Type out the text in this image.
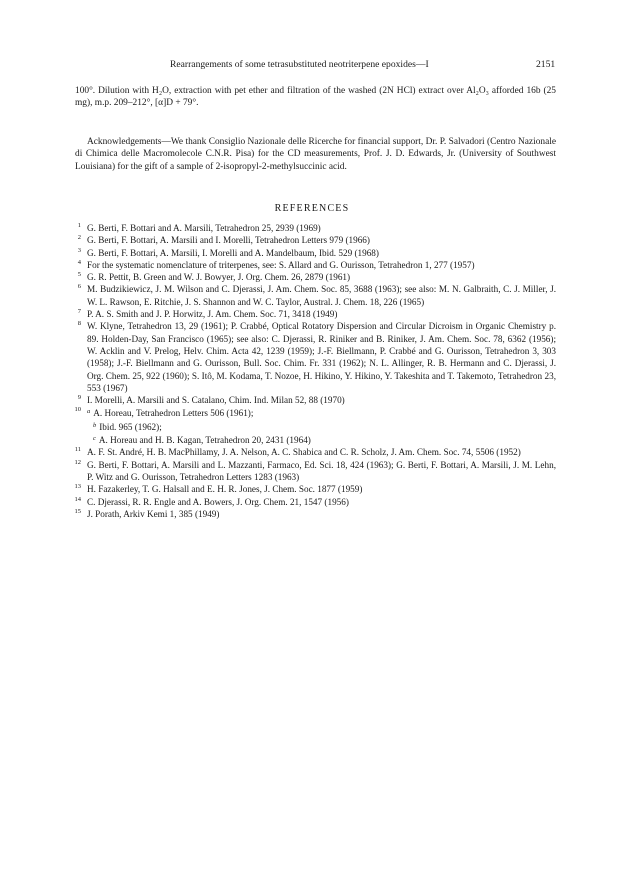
Rearrangements of some tetrasubstituted neotriterpene epoxides—I	2151
100°. Dilution with H₂O, extraction with pet ether and filtration of the washed (2N HCl) extract over Al₂O₃ afforded 16b (25 mg), m.p. 209–212°, [α]D + 79°.
Acknowledgements—We thank Consiglio Nazionale delle Ricerche for financial support, Dr. P. Salvadori (Centro Nazionale di Chimica delle Macromolecole C.N.R. Pisa) for the CD measurements, Prof. J. D. Edwards, Jr. (University of Southwest Louisiana) for the gift of a sample of 2-isopropyl-2-methylsuccinic acid.
REFERENCES
1 G. Berti, F. Bottari and A. Marsili, Tetrahedron 25, 2939 (1969)
2 G. Berti, F. Bottari, A. Marsili and I. Morelli, Tetrahedron Letters 979 (1966)
3 G. Berti, F. Bottari, A. Marsili, I. Morelli and A. Mandelbaum, Ibid. 529 (1968)
4 For the systematic nomenclature of triterpenes, see: S. Allard and G. Ourisson, Tetrahedron 1, 277 (1957)
5 G. R. Pettit, B. Green and W. J. Bowyer, J. Org. Chem. 26, 2879 (1961)
6 M. Budzikiewicz, J. M. Wilson and C. Djerassi, J. Am. Chem. Soc. 85, 3688 (1963); see also: M. N. Galbraith, C. J. Miller, J. W. L. Rawson, E. Ritchie, J. S. Shannon and W. C. Taylor, Austral. J. Chem. 18, 226 (1965)
7 P. A. S. Smith and J. P. Horwitz, J. Am. Chem. Soc. 71, 3418 (1949)
8 W. Klyne, Tetrahedron 13, 29 (1961); P. Crabbé, Optical Rotatory Dispersion and Circular Dicroism in Organic Chemistry p. 89. Holden-Day, San Francisco (1965); see also: C. Djerassi, R. Riniker and B. Riniker, J. Am. Chem. Soc. 78, 6362 (1956); W. Acklin and V. Prelog, Helv. Chim. Acta 42, 1239 (1959); J.-F. Biellmann, P. Crabbé and G. Ourisson, Tetrahedron 3, 303 (1958); J.-F. Biellmann and G. Ourisson, Bull. Soc. Chim. Fr. 331 (1962); N. L. Allinger, R. B. Hermann and C. Djerassi, J. Org. Chem. 25, 922 (1960); S. Itô, M. Kodama, T. Nozoe, H. Hikino, Y. Hikino, Y. Takeshita and T. Takemoto, Tetrahedron 23, 553 (1967)
9 I. Morelli, A. Marsili and S. Catalano, Chim. Ind. Milan 52, 88 (1970)
10 $^a$ A. Horeau, Tetrahedron Letters 506 (1961);
$^b$ Ibid. 965 (1962);
$^c$ A. Horeau and H. B. Kagan, Tetrahedron 20, 2431 (1964)
11 A. F. St. André, H. B. MacPhillamy, J. A. Nelson, A. C. Shabica and C. R. Scholz, J. Am. Chem. Soc. 74, 5506 (1952)
12 G. Berti, F. Bottari, A. Marsili and L. Mazzanti, Farmaco, Ed. Sci. 18, 424 (1963); G. Berti, F. Bottari, A. Marsili, J. M. Lehn, P. Witz and G. Ourisson, Tetrahedron Letters 1283 (1963)
13 H. Fazakerley, T. G. Halsall and E. H. R. Jones, J. Chem. Soc. 1877 (1959)
14 C. Djerassi, R. R. Engle and A. Bowers, J. Org. Chem. 21, 1547 (1956)
15 J. Porath, Arkiv Kemi 1, 385 (1949)
